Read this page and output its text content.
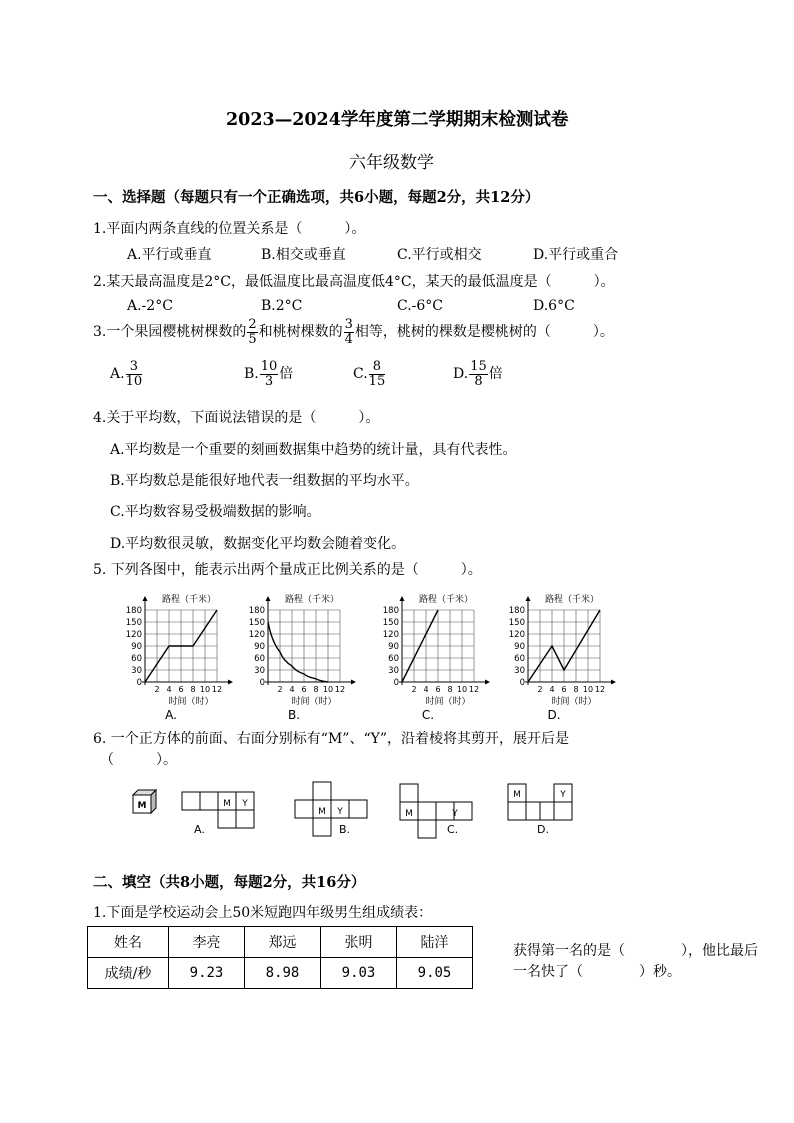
2023—2024学年度第二学期期末检测试卷
六年级数学
一、选择题（每题只有一个正确选项，共6小题，每题2分，共12分）
1.平面内两条直线的位置关系是（　　　）。
A.平行或垂直	B.相交或垂直	C.平行或相交	D.平行或重合
2.某天最高温度是2°C，最低温度比最高温度低4°C，某天的最低温度是（　　　）。
A.-2°C	B.2°C	C.-6°C	D.6°C
3.一个果园樱桃树棵数的 $\frac{2}{5}$ 和桃树棵数的 $\frac{3}{4}$ 相等，桃树的棵数是樱桃树的（　　　）。
A. $\frac{3}{10}$	B. $\frac{10}{3}$ 倍	C. $\frac{8}{15}$	D. $\frac{15}{8}$ 倍
4.关于平均数，下面说法错误的是（　　　）。
A.平均数是一个重要的刻画数据集中趋势的统计量，具有代表性。
B.平均数总是能很好地代表一组数据的平均水平。
C.平均数容易受极端数据的影响。
D.平均数很灵敏，数据变化平均数会随着变化。
5. 下列各图中，能表示出两个量成正比例关系的是（　　　）。
180
150
120
90
60
30
0
2 4 6 8 10 12
路程（千米）
时间（时）
A.
180
150
120
90
60
30
0
2 4 6 8 10 12
路程（千米）
时间（时）
B.
180
150
120
90
60
30
0
2 4 6 8 10 12
路程（千米）
时间（时）
C.
180
150
120
90
60
30
0
2 4 6 8 10 12
路程（千米）
时间（时）
D.
6. 一个正方体的前面、右面分别标有“M”、“Y”，沿着棱将其剪开，展开后是
（　　　）。
M	M Y
A.
M Y
B.
M	Y
C.
M	Y
D.
二、填空（共8小题，每题2分，共16分）
1.下面是学校运动会上50米短跑四年级男生组成绩表：
姓名	李亮	郑远	张明	陆洋
成绩/秒	9.23	8.98	9.03	9.05
获得第一名的是（　　　　），他比最后
一名快了（　　　　）秒。
